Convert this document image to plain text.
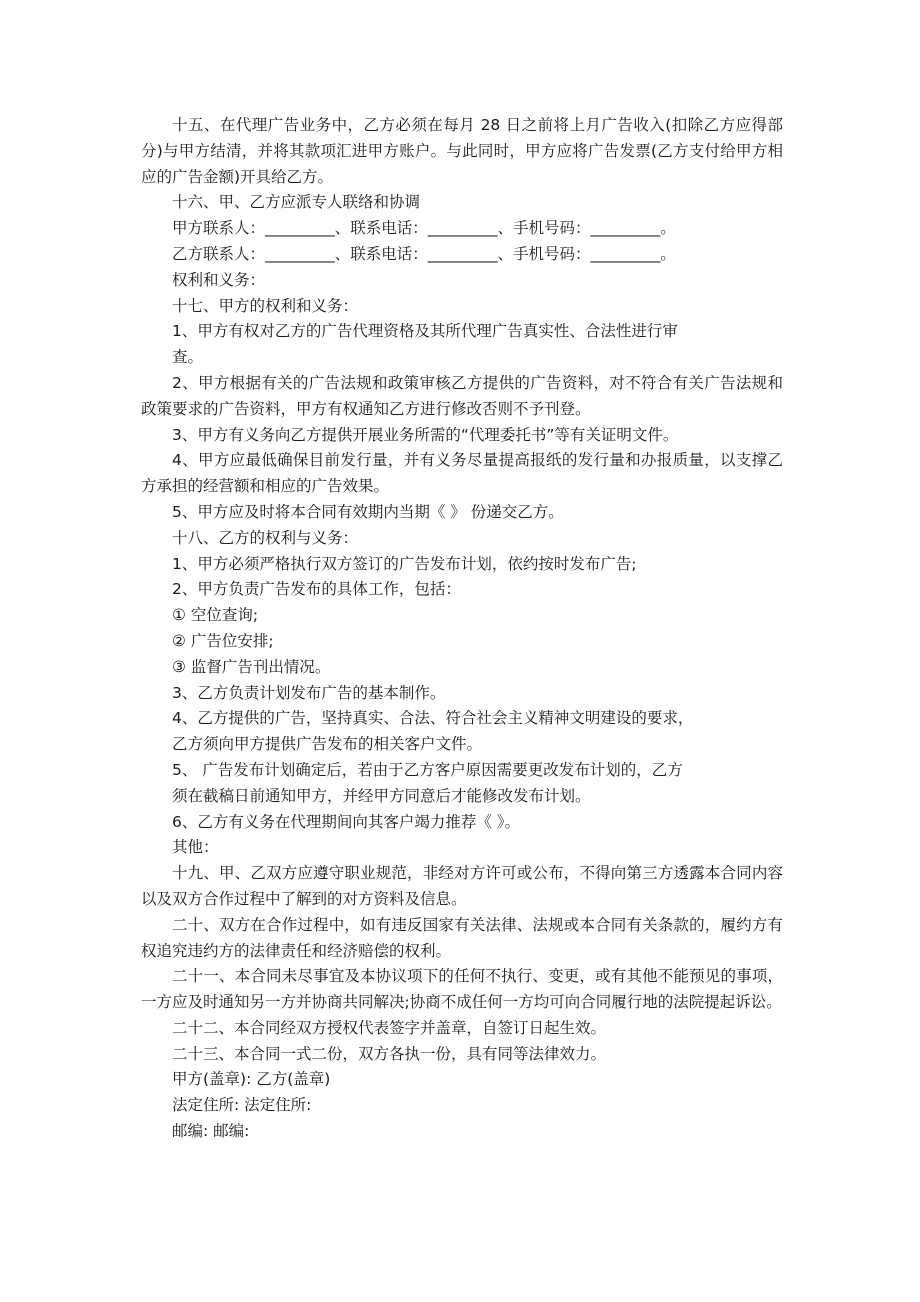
十五、在代理广告业务中，乙方必须在每月 28 日之前将上月广告收入(扣除乙方应得部分)与甲方结清，并将其款项汇进甲方账户。与此同时，甲方应将广告发票(乙方支付给甲方相应的广告金额)开具给乙方。
十六、甲、乙方应派专人联络和协调
甲方联系人：_________、联系电话：_________、手机号码：_________。
乙方联系人：_________、联系电话：_________、手机号码：_________。
权利和义务：
十七、甲方的权利和义务：
1、甲方有权对乙方的广告代理资格及其所代理广告真实性、合法性进行审
查。
2、甲方根据有关的广告法规和政策审核乙方提供的广告资料，对不符合有关广告法规和政策要求的广告资料，甲方有权通知乙方进行修改否则不予刊登。
3、甲方有义务向乙方提供开展业务所需的“代理委托书”等有关证明文件。
4、甲方应最低确保目前发行量，并有义务尽量提高报纸的发行量和办报质量，以支撑乙方承担的经营额和相应的广告效果。
5、甲方应及时将本合同有效期内当期《 》 份递交乙方。
十八、乙方的权利与义务：
1、甲方必须严格执行双方签订的广告发布计划，依约按时发布广告;
2、甲方负责广告发布的具体工作，包括：
① 空位查询;
② 广告位安排;
③ 监督广告刊出情况。
3、乙方负责计划发布广告的基本制作。
4、乙方提供的广告，坚持真实、合法、符合社会主义精神文明建设的要求，
乙方须向甲方提供广告发布的相关客户文件。
5、 广告发布计划确定后，若由于乙方客户原因需要更改发布计划的，乙方
须在截稿日前通知甲方，并经甲方同意后才能修改发布计划。
6、乙方有义务在代理期间向其客户竭力推荐《 》。
其他：
十九、甲、乙双方应遵守职业规范，非经对方许可或公布，不得向第三方透露本合同内容以及双方合作过程中了解到的对方资料及信息。
二十、双方在合作过程中，如有违反国家有关法律、法规或本合同有关条款的，履约方有权追究违约方的法律责任和经济赔偿的权利。
二十一、本合同未尽事宜及本协议项下的任何不执行、变更，或有其他不能预见的事项，一方应及时通知另一方并协商共同解决;协商不成任何一方均可向合同履行地的法院提起诉讼。
二十二、本合同经双方授权代表签字并盖章，自签订日起生效。
二十三、本合同一式二份，双方各执一份，具有同等法律效力。
甲方(盖章): 乙方(盖章)
法定住所: 法定住所:
邮编: 邮编:
